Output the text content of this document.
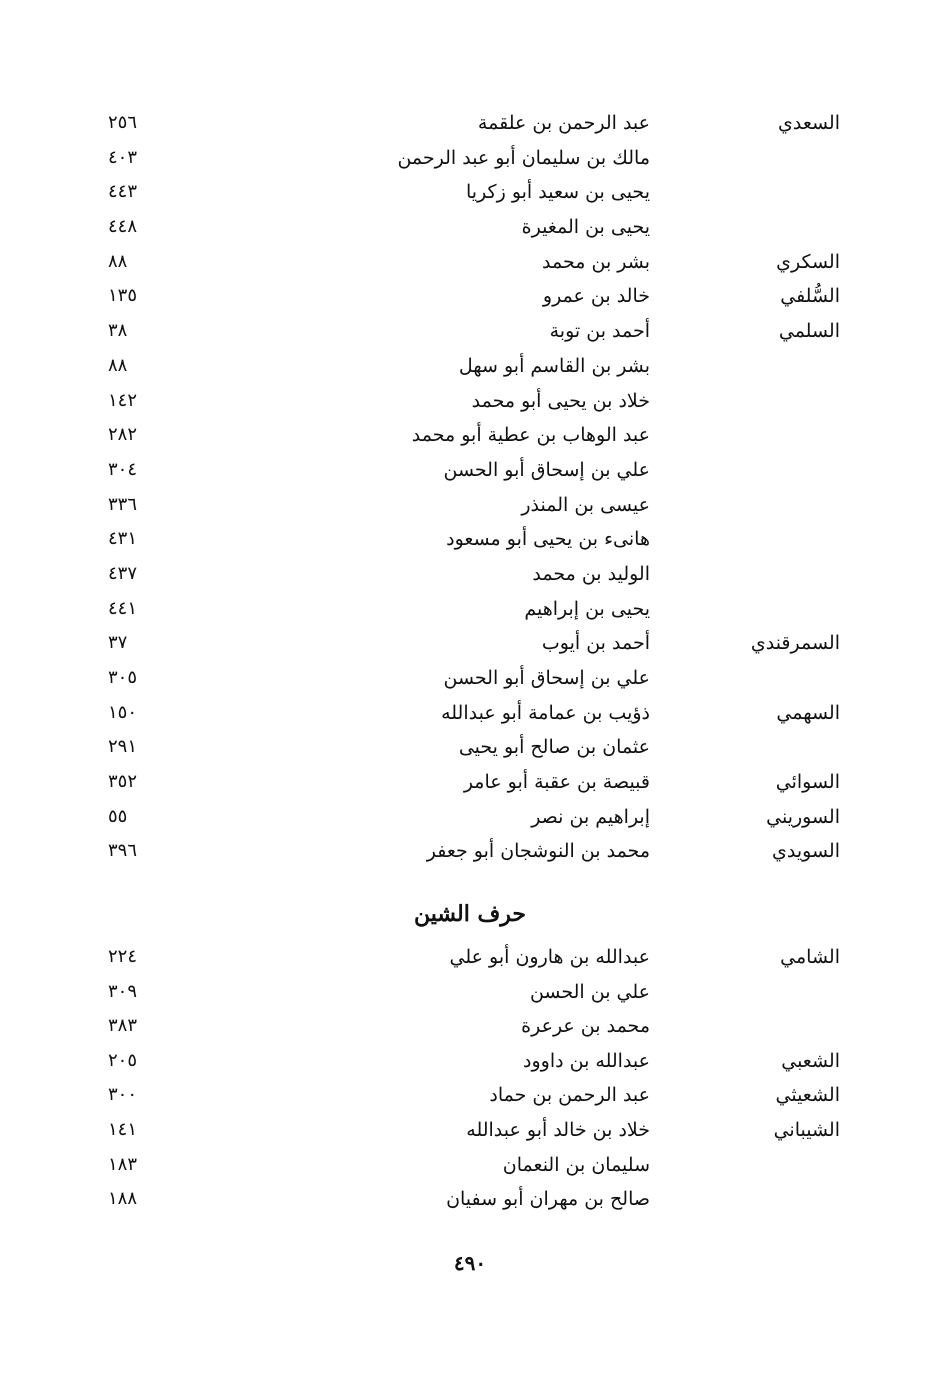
السعدي
عبد الرحمن بن علقمة
٢٥٦
مالك بن سليمان أبو عبد الرحمن
٤٠٣
يحيى بن سعيد أبو زكريا
٤٤٣
يحيى بن المغيرة
٤٤٨
السكري
بشر بن محمد
٨٨
السُّلفي
خالد بن عمرو
١٣٥
السلمي
أحمد بن توبة
٣٨
بشر بن القاسم أبو سهل
٨٨
خلاد بن يحيى أبو محمد
١٤٢
عبد الوهاب بن عطية أبو محمد
٢٨٢
علي بن إسحاق أبو الحسن
٣٠٤
عيسى بن المنذر
٣٣٦
هانىء بن يحيى أبو مسعود
٤٣١
الوليد بن محمد
٤٣٧
يحيى بن إبراهيم
٤٤١
السمرقندي
أحمد بن أيوب
٣٧
علي بن إسحاق أبو الحسن
٣٠٥
السهمي
ذؤيب بن عمامة أبو عبدالله
١٥٠
عثمان بن صالح أبو يحيى
٢٩١
السوائي
قبيصة بن عقبة أبو عامر
٣٥٢
السوريني
إبراهيم بن نصر
٥٥
السويدي
محمد بن النوشجان أبو جعفر
٣٩٦
حرف الشين
الشامي
عبدالله بن هارون أبو علي
٢٢٤
علي بن الحسن
٣٠٩
محمد بن عرعرة
٣٨٣
الشعبي
عبدالله بن داوود
٢٠٥
الشعيثي
عبد الرحمن بن حماد
٣٠٠
الشيباني
خلاد بن خالد أبو عبدالله
١٤١
سليمان بن النعمان
١٨٣
صالح بن مهران أبو سفيان
١٨٨
٤٩٠
